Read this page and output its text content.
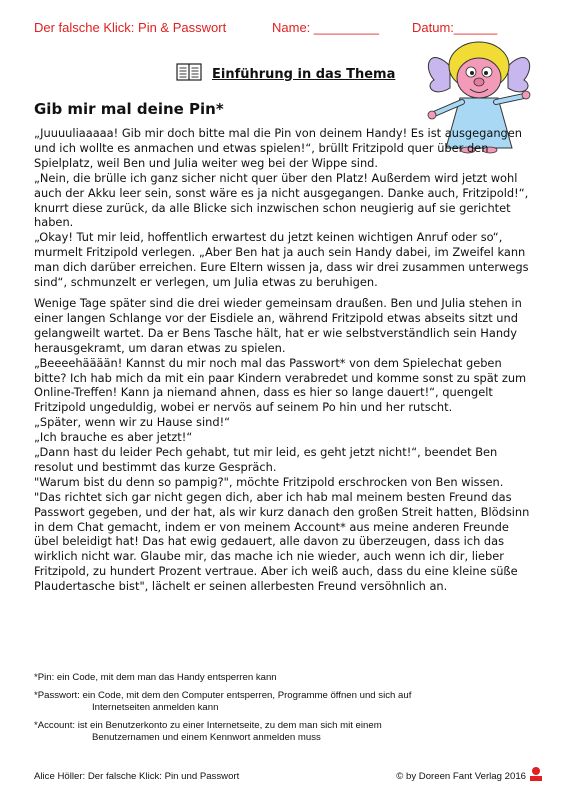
Der falsche Klick: Pin & Passwort	Name: _________	Datum:______
Einführung in das Thema
Gib mir mal deine Pin*

„Juuuuliaaaaa! Gib mir doch bitte mal die Pin von deinem Handy! Es ist ausgegangen und ich wollte es anmachen und etwas spielen!“, brüllt Fritzipold quer über den Spielplatz, weil Ben und Julia weiter weg bei der Wippe sind.

„Nein, die brülle ich ganz sicher nicht quer über den Platz! Außerdem wird jetzt wohl auch der Akku leer sein, sonst wäre es ja nicht ausgegangen. Danke auch, Fritzipold!“, knurrt diese zurück, da alle Blicke sich inzwischen schon neugierig auf sie gerichtet haben.

„Okay! Tut mir leid, hoffentlich erwartest du jetzt keinen wichtigen Anruf oder so“, murmelt Fritzipold verlegen. „Aber Ben hat ja auch sein Handy dabei, im Zweifel kann man dich darüber erreichen. Eure Eltern wissen ja, dass wir drei zusammen unterwegs sind“, schmunzelt er verlegen, um Julia etwas zu beruhigen.

Wenige Tage später sind die drei wieder gemeinsam draußen. Ben und Julia stehen in einer langen Schlange vor der Eisdiele an, während Fritzipold etwas abseits sitzt und gelangweilt wartet. Da er Bens Tasche hält, hat er wie selbstverständlich sein Handy herausgekramt, um daran etwas zu spielen.

„Beeeehääään! Kannst du mir noch mal das Passwort* von dem Spielechat geben bitte? Ich hab mich da mit ein paar Kindern verabredet und komme sonst zu spät zum Online-Treffen! Kann ja niemand ahnen, dass es hier so lange dauert!“, quengelt Fritzipold ungeduldig, wobei er nervös auf seinem Po hin und her rutscht.

„Später, wenn wir zu Hause sind!“

„Ich brauche es aber jetzt!“

„Dann hast du leider Pech gehabt, tut mir leid, es geht jetzt nicht!“, beendet Ben resolut und bestimmt das kurze Gespräch.

"Warum bist du denn so pampig?", möchte Fritzipold erschrocken von Ben wissen.

"Das richtet sich gar nicht gegen dich, aber ich hab mal meinem besten Freund das Passwort gegeben, und der hat, als wir kurz danach den großen Streit hatten, Blödsinn in dem Chat gemacht, indem er von meinem Account* aus meine anderen Freunde übel beleidigt hat! Das hat ewig gedauert, alle davon zu überzeugen, dass ich das wirklich nicht war. Glaube mir, das mache ich nie wieder, auch wenn ich dir, lieber Fritzipold, zu hundert Prozent vertraue. Aber ich weiß auch, dass du eine kleine süße Plaudertasche bist", lächelt er seinen allerbesten Freund versöhnlich an.

*Pin: ein Code, mit dem man das Handy entsperren kann

*Passwort: ein Code, mit dem den Computer entsperren, Programme öffnen und sich auf
Internetseiten anmelden kann

*Account: ist ein Benutzerkonto zu einer Internetseite, zu dem man sich mit einem
Benutzernamen und einem Kennwort anmelden muss

Alice Höller: Der falsche Klick: Pin und Passwort	© by Doreen Fant Verlag 2016
